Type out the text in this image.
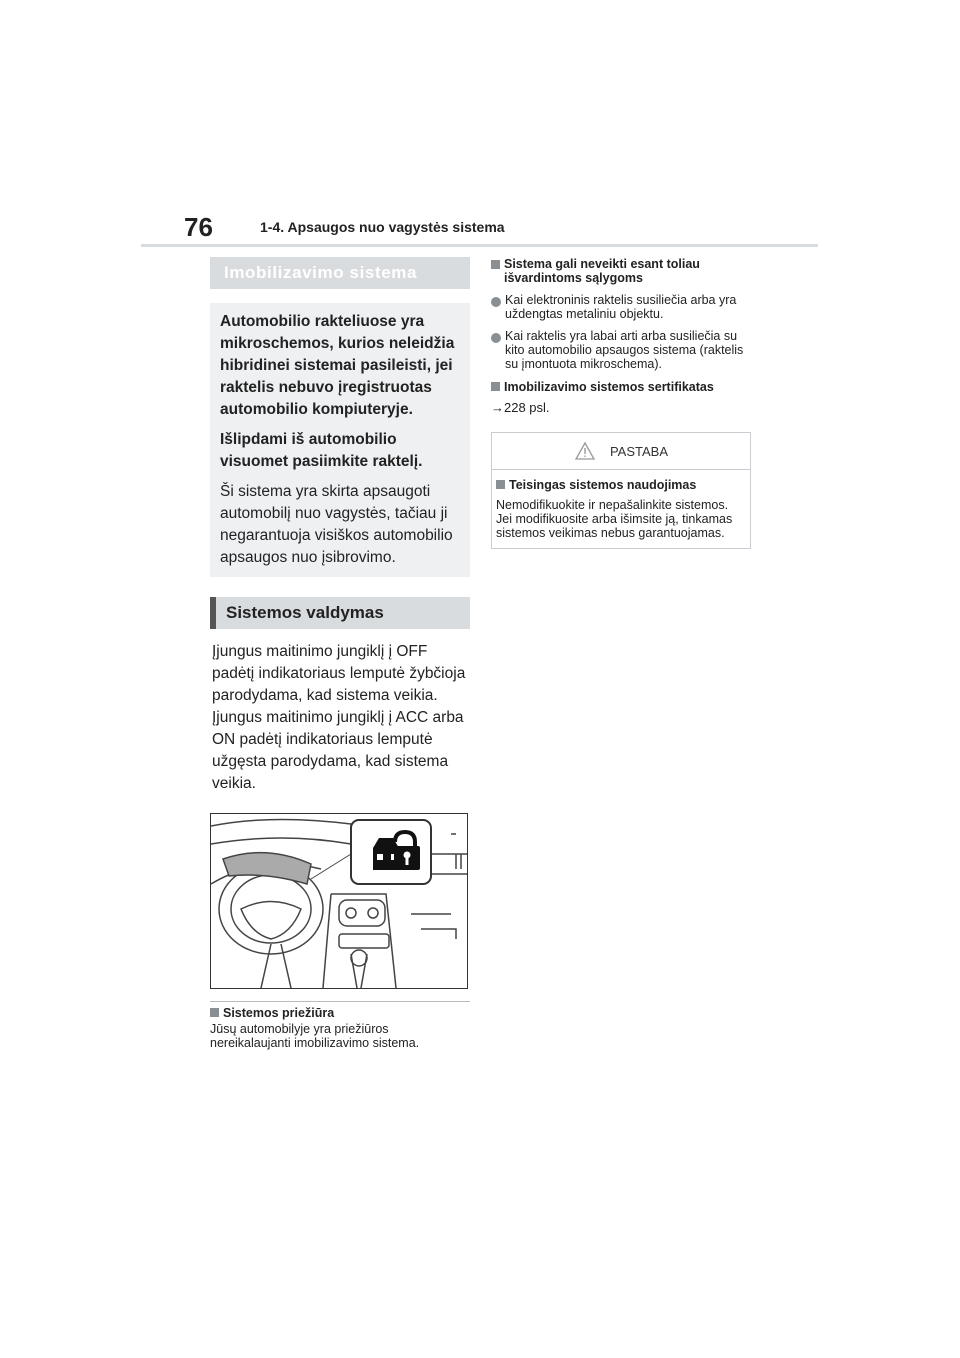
76	1-4. Apsaugos nuo vagystės sistema
Imobilizavimo sistema

Automobilio rakteliuose yra mikroschemos, kurios neleidžia hibridinei sistemai pasileisti, jei raktelis nebuvo įregistruotas automobilio kompiuteryje.

Išlipdami iš automobilio visuomet pasiimkite raktelį.

Ši sistema yra skirta apsaugoti automobilį nuo vagystės, tačiau ji negarantuoja visiškos automobilio apsaugos nuo įsibrovimo.

Sistemos valdymas

Įjungus maitinimo jungiklį į OFF padėtį indikatoriaus lemputė žybčioja parodydama, kad sistema veikia.

Įjungus maitinimo jungiklį į ACC arba ON padėtį indikatoriaus lemputė užgęsta parodydama, kad sistema veikia.

Sistemos priežiūra
Jūsų automobilyje yra priežiūros nereikalaujanti imobilizavimo sistema.
Sistema gali neveikti esant toliau išvardintoms sąlygoms
Kai elektroninis raktelis susiliečia arba yra uždengtas metaliniu objektu.
Kai raktelis yra labai arti arba susiliečia su kito automobilio apsaugos sistema (raktelis su įmontuota mikroschema).
Imobilizavimo sistemos sertifikatas
→228 psl.
PASTABA
Teisingas sistemos naudojimas
Nemodifikuokite ir nepašalinkite sistemos. Jei modifikuosite arba išimsite ją, tinkamas sistemos veikimas nebus garantuojamas.
